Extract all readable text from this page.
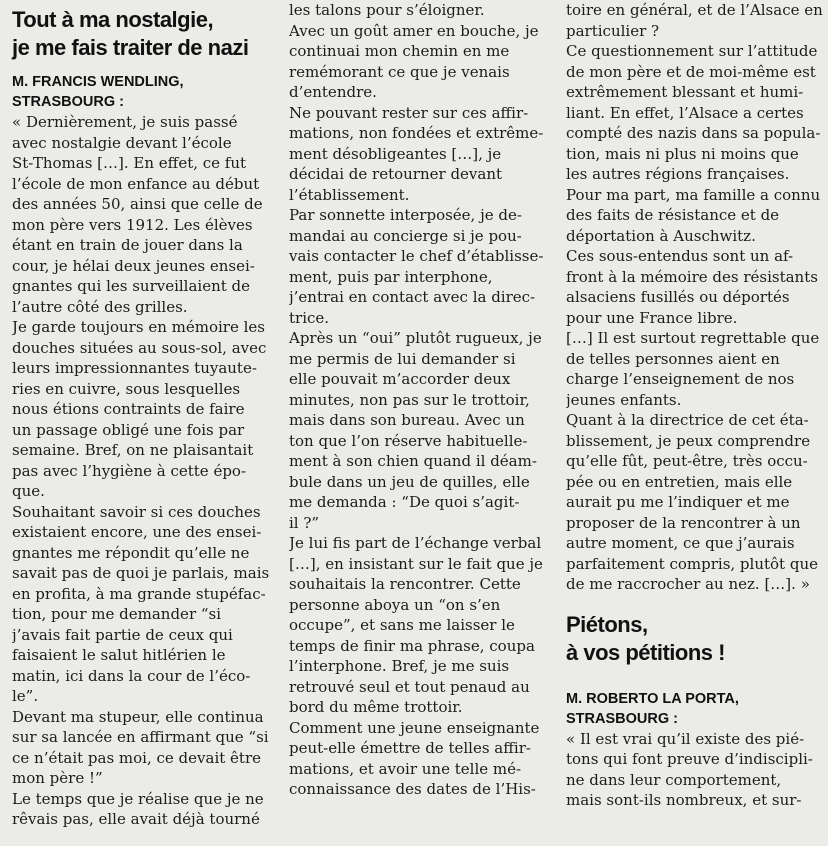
Tout à ma nostalgie,
je me fais traiter de nazi
M. FRANCIS WENDLING,
STRASBOURG :
« Dernièrement, je suis passé
avec nostalgie devant l’école
St-Thomas […]. En effet, ce fut
l’école de mon enfance au début
des années 50, ainsi que celle de
mon père vers 1912. Les élèves
étant en train de jouer dans la
cour, je hélai deux jeunes ensei-
gnantes qui les surveillaient de
l’autre côté des grilles.
Je garde toujours en mémoire les
douches situées au sous-sol, avec
leurs impressionnantes tuyaute-
ries en cuivre, sous lesquelles
nous étions contraints de faire
un passage obligé une fois par
semaine. Bref, on ne plaisantait
pas avec l’hygiène à cette épo-
que.
Souhaitant savoir si ces douches
existaient encore, une des ensei-
gnantes me répondit qu’elle ne
savait pas de quoi je parlais, mais
en profita, à ma grande stupéfac-
tion, pour me demander “si
j’avais fait partie de ceux qui
faisaient le salut hitlérien le
matin, ici dans la cour de l’éco-
le”.
Devant ma stupeur, elle continua
sur sa lancée en affirmant que “si
ce n’était pas moi, ce devait être
mon père !”
Le temps que je réalise que je ne
rêvais pas, elle avait déjà tourné
les talons pour s’éloigner.
Avec un goût amer en bouche, je
continuai mon chemin en me
remémorant ce que je venais
d’entendre.
Ne pouvant rester sur ces affir-
mations, non fondées et extrême-
ment désobligeantes […], je
décidai de retourner devant
l’établissement.
Par sonnette interposée, je de-
mandai au concierge si je pou-
vais contacter le chef d’établisse-
ment, puis par interphone,
j’entrai en contact avec la direc-
trice.
Après un “oui” plutôt rugueux, je
me permis de lui demander si
elle pouvait m’accorder deux
minutes, non pas sur le trottoir,
mais dans son bureau. Avec un
ton que l’on réserve habituelle-
ment à son chien quand il déam-
bule dans un jeu de quilles, elle
me demanda : “De quoi s’agit-
il ?”
Je lui fis part de l’échange verbal
[…], en insistant sur le fait que je
souhaitais la rencontrer. Cette
personne aboya un “on s’en
occupe”, et sans me laisser le
temps de finir ma phrase, coupa
l’interphone. Bref, je me suis
retrouvé seul et tout penaud au
bord du même trottoir.
Comment une jeune enseignante
peut-elle émettre de telles affir-
mations, et avoir une telle mé-
connaissance des dates de l’His-
toire en général, et de l’Alsace en
particulier ?
Ce questionnement sur l’attitude
de mon père et de moi-même est
extrêmement blessant et humi-
liant. En effet, l’Alsace a certes
compté des nazis dans sa popula-
tion, mais ni plus ni moins que
les autres régions françaises.
Pour ma part, ma famille a connu
des faits de résistance et de
déportation à Auschwitz.
Ces sous-entendus sont un af-
front à la mémoire des résistants
alsaciens fusillés ou déportés
pour une France libre.
[…] Il est surtout regrettable que
de telles personnes aient en
charge l’enseignement de nos
jeunes enfants.
Quant à la directrice de cet éta-
blissement, je peux comprendre
qu’elle fût, peut-être, très occu-
pée ou en entretien, mais elle
aurait pu me l’indiquer et me
proposer de la rencontrer à un
autre moment, ce que j’aurais
parfaitement compris, plutôt que
de me raccrocher au nez. […]. »
Piétons,
à vos pétitions !
M. ROBERTO LA PORTA,
STRASBOURG :
« Il est vrai qu’il existe des pié-
tons qui font preuve d’indiscipli-
ne dans leur comportement,
mais sont-ils nombreux, et sur-
